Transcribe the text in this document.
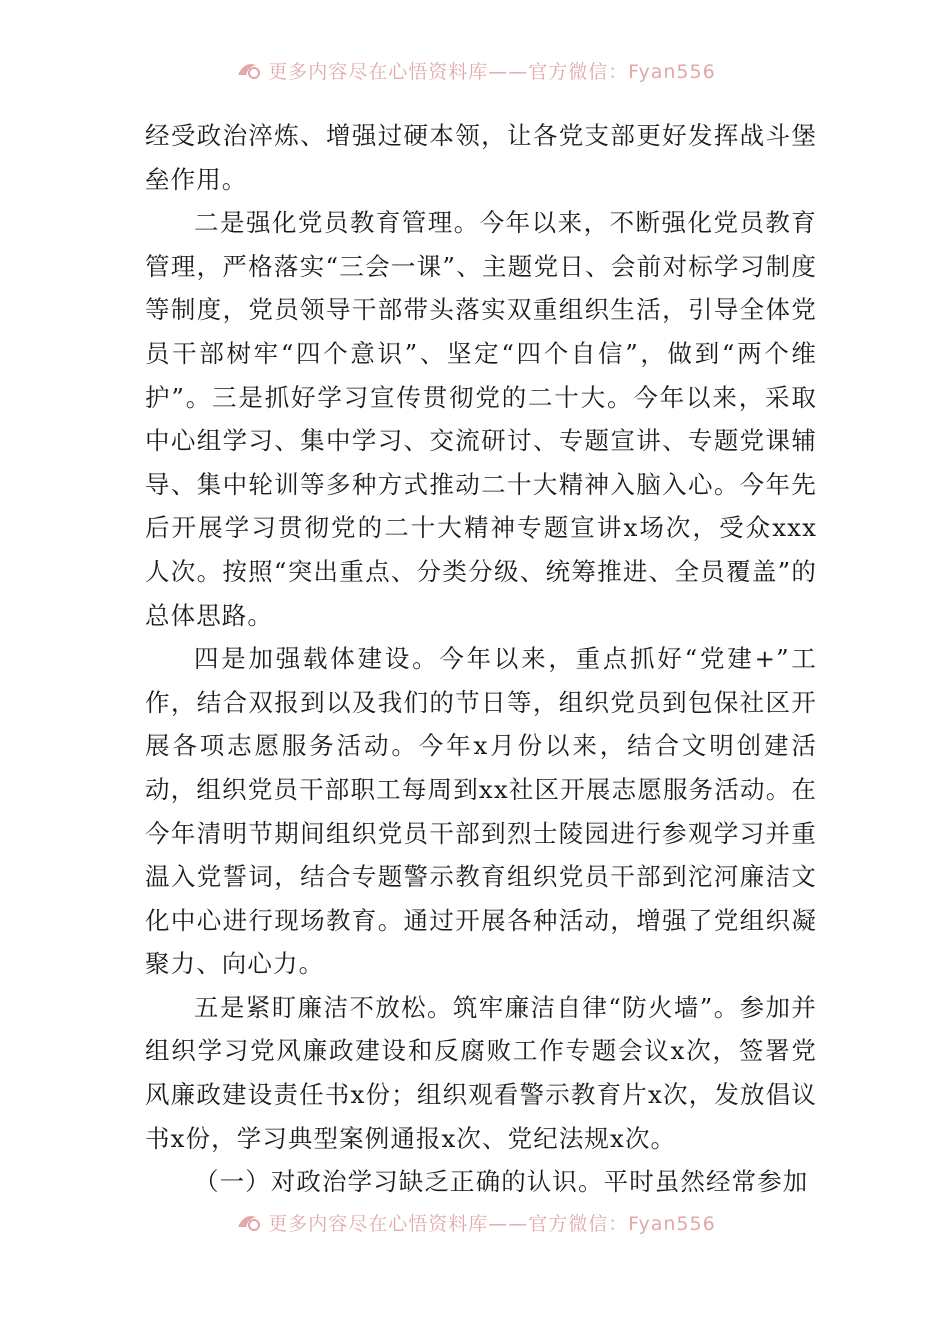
更多内容尽在心悟资料库——官方微信：Fyan556

经受政治淬炼、增强过硬本领，让各党支部更好发挥战斗堡垒作用。

二是强化党员教育管理。今年以来，不断强化党员教育管理，严格落实“三会一课”、主题党日、会前对标学习制度等制度，党员领导干部带头落实双重组织生活，引导全体党员干部树牢“四个意识”、坚定“四个自信”，做到“两个维护”。三是抓好学习宣传贯彻党的二十大。今年以来，采取中心组学习、集中学习、交流研讨、专题宣讲、专题党课辅导、集中轮训等多种方式推动二十大精神入脑入心。今年先后开展学习贯彻党的二十大精神专题宣讲x场次，受众xxx人次。按照“突出重点、分类分级、统筹推进、全员覆盖”的总体思路。

四是加强载体建设。今年以来，重点抓好“党建+”工作，结合双报到以及我们的节日等，组织党员到包保社区开展各项志愿服务活动。今年x月份以来，结合文明创建活动，组织党员干部职工每周到xx社区开展志愿服务活动。在今年清明节期间组织党员干部到烈士陵园进行参观学习并重温入党誓词，结合专题警示教育组织党员干部到沱河廉洁文化中心进行现场教育。通过开展各种活动，增强了党组织凝聚力、向心力。

五是紧盯廉洁不放松。筑牢廉洁自律“防火墙”。参加并组织学习党风廉政建设和反腐败工作专题会议x次，签署党风廉政建设责任书x份；组织观看警示教育片x次，发放倡议书x份，学习典型案例通报x次、党纪法规x次。

（一）对政治学习缺乏正确的认识。平时虽然经常参加

更多内容尽在心悟资料库——官方微信：Fyan556
